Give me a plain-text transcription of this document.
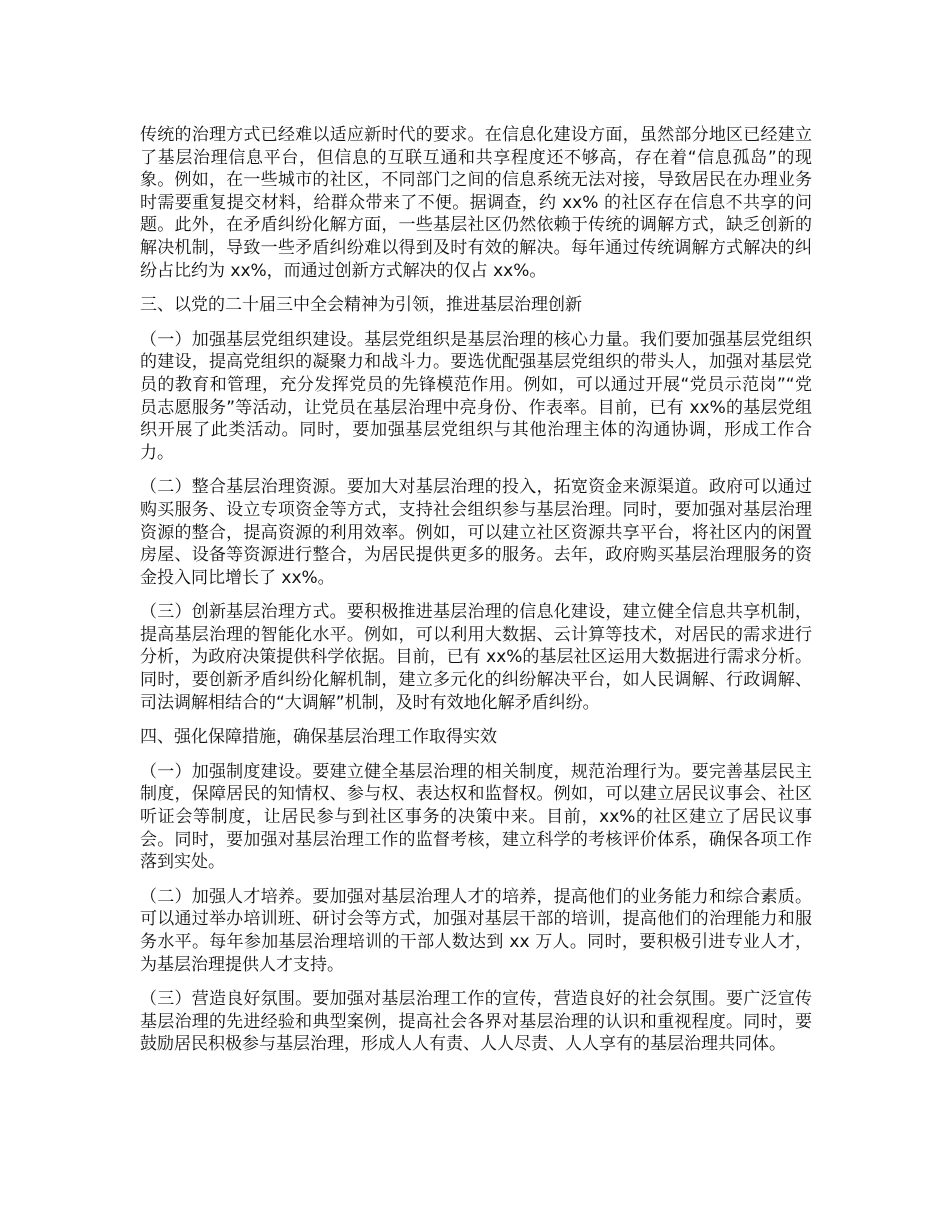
传统的治理方式已经难以适应新时代的要求。在信息化建设方面，虽然部分地区已经建立了基层治理信息平台，但信息的互联互通和共享程度还不够高，存在着“信息孤岛”的现象。例如，在一些城市的社区，不同部门之间的信息系统无法对接，导致居民在办理业务时需要重复提交材料，给群众带来了不便。据调查，约 xx% 的社区存在信息不共享的问题。此外，在矛盾纠纷化解方面，一些基层社区仍然依赖于传统的调解方式，缺乏创新的解决机制，导致一些矛盾纠纷难以得到及时有效的解决。每年通过传统调解方式解决的纠纷占比约为 xx%，而通过创新方式解决的仅占 xx%。

三、以党的二十届三中全会精神为引领，推进基层治理创新

（一）加强基层党组织建设。基层党组织是基层治理的核心力量。我们要加强基层党组织的建设，提高党组织的凝聚力和战斗力。要选优配强基层党组织的带头人，加强对基层党员的教育和管理，充分发挥党员的先锋模范作用。例如，可以通过开展“党员示范岗”“党员志愿服务”等活动，让党员在基层治理中亮身份、作表率。目前，已有 xx%的基层党组织开展了此类活动。同时，要加强基层党组织与其他治理主体的沟通协调，形成工作合力。

（二）整合基层治理资源。要加大对基层治理的投入，拓宽资金来源渠道。政府可以通过购买服务、设立专项资金等方式，支持社会组织参与基层治理。同时，要加强对基层治理资源的整合，提高资源的利用效率。例如，可以建立社区资源共享平台，将社区内的闲置房屋、设备等资源进行整合，为居民提供更多的服务。去年，政府购买基层治理服务的资金投入同比增长了 xx%。

（三）创新基层治理方式。要积极推进基层治理的信息化建设，建立健全信息共享机制，提高基层治理的智能化水平。例如，可以利用大数据、云计算等技术，对居民的需求进行分析，为政府决策提供科学依据。目前，已有 xx%的基层社区运用大数据进行需求分析。同时，要创新矛盾纠纷化解机制，建立多元化的纠纷解决平台，如人民调解、行政调解、司法调解相结合的“大调解”机制，及时有效地化解矛盾纠纷。

四、强化保障措施，确保基层治理工作取得实效

（一）加强制度建设。要建立健全基层治理的相关制度，规范治理行为。要完善基层民主制度，保障居民的知情权、参与权、表达权和监督权。例如，可以建立居民议事会、社区听证会等制度，让居民参与到社区事务的决策中来。目前，xx%的社区建立了居民议事会。同时，要加强对基层治理工作的监督考核，建立科学的考核评价体系，确保各项工作落到实处。

（二）加强人才培养。要加强对基层治理人才的培养，提高他们的业务能力和综合素质。可以通过举办培训班、研讨会等方式，加强对基层干部的培训，提高他们的治理能力和服务水平。每年参加基层治理培训的干部人数达到 xx 万人。同时，要积极引进专业人才，为基层治理提供人才支持。

（三）营造良好氛围。要加强对基层治理工作的宣传，营造良好的社会氛围。要广泛宣传基层治理的先进经验和典型案例，提高社会各界对基层治理的认识和重视程度。同时，要鼓励居民积极参与基层治理，形成人人有责、人人尽责、人人享有的基层治理共同体。
